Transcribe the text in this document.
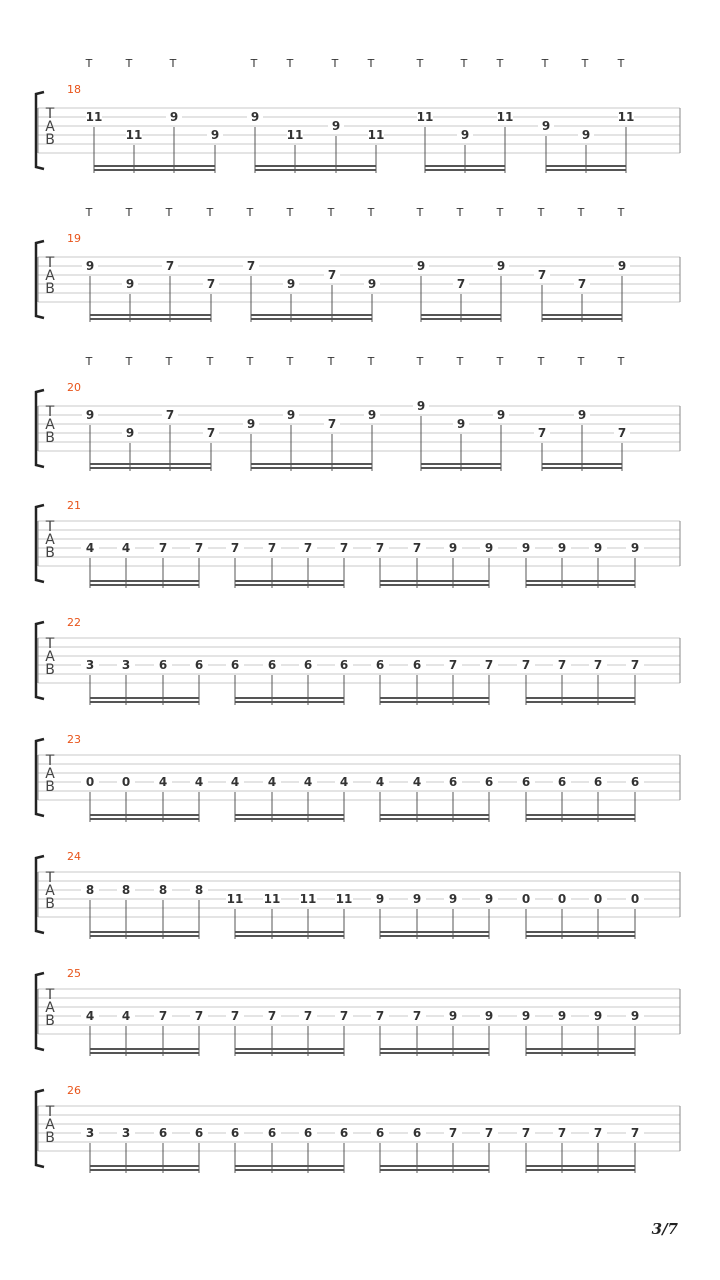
T
A
B
18
T	T	T	T	T	T	T	T	T	T	T	T	T
11
11
9
9
9
11
9
11
11
9
11
9
9
11
T
A
B
19
T	T	T	T	T	T	T	T	T	T	T	T	T	T
9
9
7
7
7
9
7
9
9
7
9
7
7
9
T
A
B
20
T	T	T	T	T	T	T	T	T	T	T	T	T	T
9
9
7
7
9
9
7
9
9
9
9
7
9
7
T
A
B
21
4 4 7 7 7 7 7 7 7 7 9 9 9 9 9 9
T
A
B
22
3 3 6 6 6 6 6 6 6 6 7 7 7 7 7 7
T
A
B
23
0 0 4 4 4 4 4 4 4 4 6 6 6 6 6 6
T
A
B
24
8 8 8 8
11 11 11 11 9 9 9 9 0 0 0 0
T
A
B
25
4 4 7 7 7 7 7 7 7 7 9 9 9 9 9 9
T
A
B
26
3 3 6 6 6 6 6 6 6 6 7 7 7 7 7 7
3/7
